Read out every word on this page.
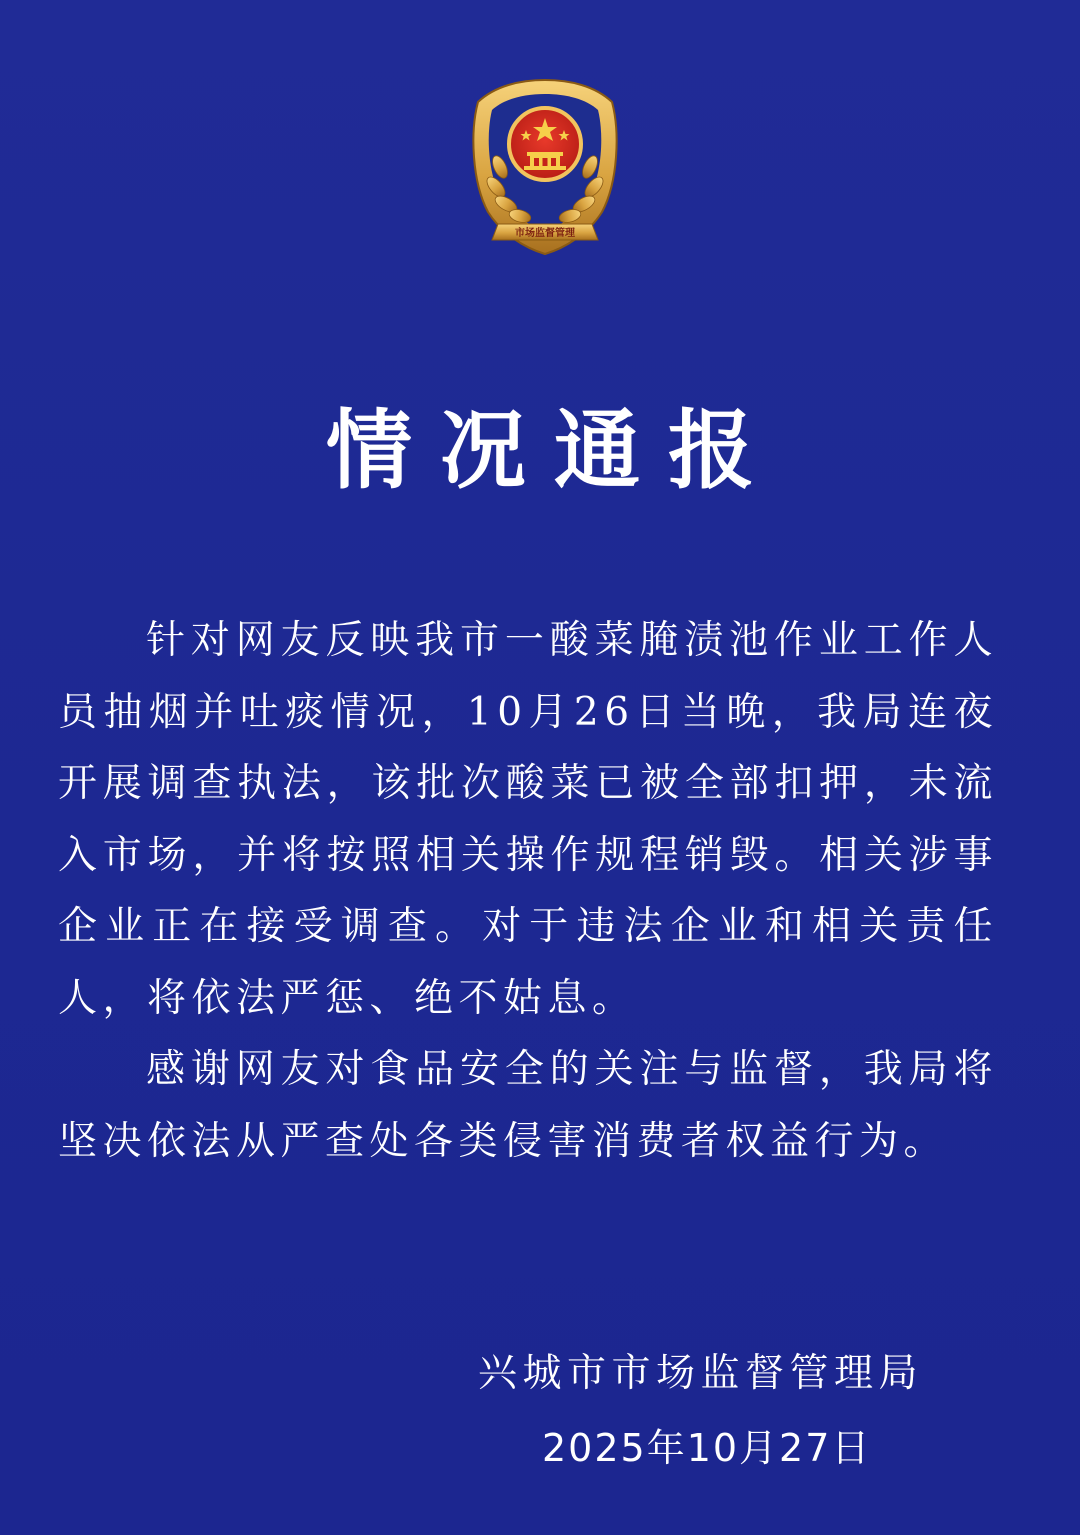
市场监督管理
情况通报

针对网友反映我市一酸菜腌渍池作业工作人员抽烟并吐痰情况，10月26日当晚，我局连夜开展调查执法，该批次酸菜已被全部扣押，未流入市场，并将按照相关操作规程销毁。相关涉事企业正在接受调查。对于违法企业和相关责任人，将依法严惩、绝不姑息。

感谢网友对食品安全的关注与监督，我局将坚决依法从严查处各类侵害消费者权益行为。

兴城市市场监督管理局
2025年10月27日
